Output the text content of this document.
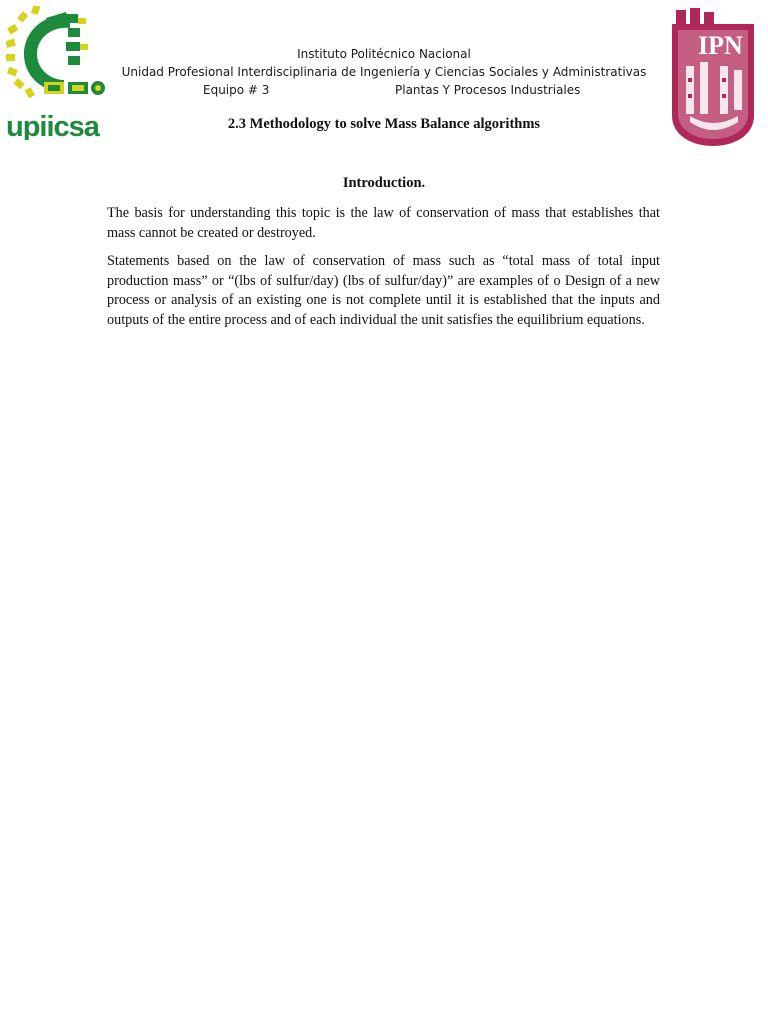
upiicsa
IPN
Instituto Politécnico Nacional
Unidad Profesional Interdisciplinaria de Ingeniería y Ciencias Sociales y Administrativas
Equipo # 3	Plantas Y Procesos Industriales
2.3 Methodology to solve Mass Balance algorithms
Introduction.

The basis for understanding this topic is the law of conservation of mass that establishes that mass cannot be created or destroyed.

Statements based on the law of conservation of mass such as “total mass of total input production mass” or “(lbs of sulfur/day) (lbs of sulfur/day)” are examples of o Design of a new process or analysis of an existing one is not complete until it is established that the inputs and outputs of the entire process and of each individual the unit satisfies the equilibrium equations.
